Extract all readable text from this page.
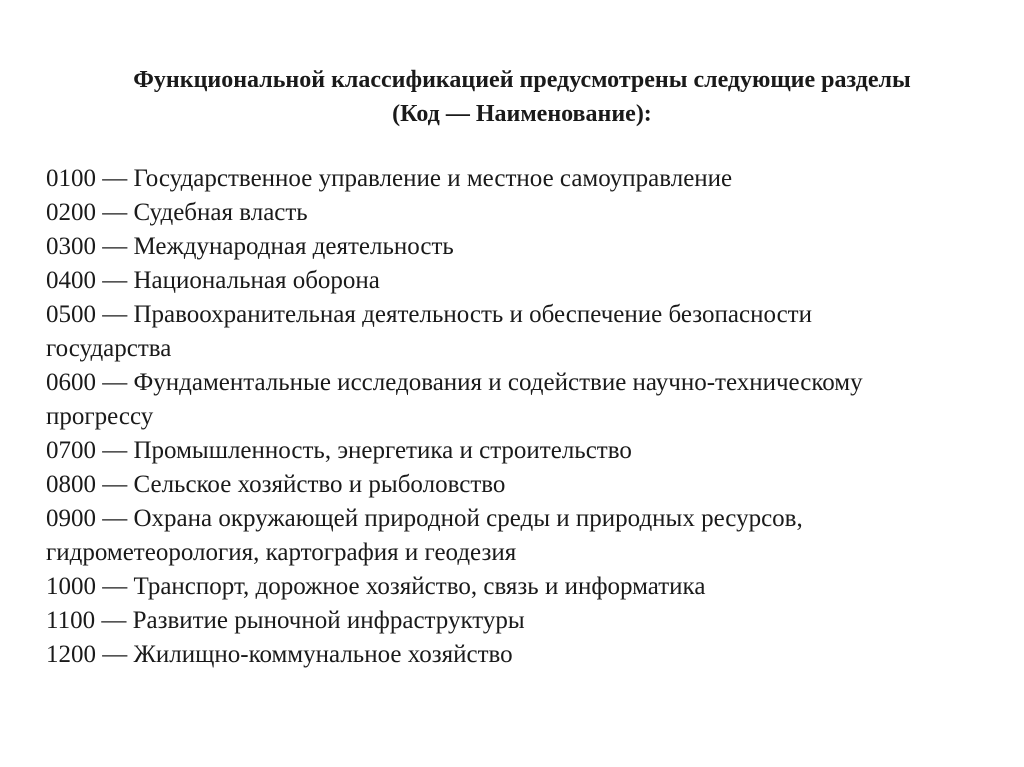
Функциональной классификацией предусмотрены следующие разделы
(Код — Наименование):
0100 — Государственное управление и местное самоуправление
0200 — Судебная власть
0300 — Международная деятельность
0400 — Национальная оборона
0500 — Правоохранительная деятельность и обеспечение безопасности
государства
0600 — Фундаментальные исследования и содействие научно-техническому
прогрессу
0700 — Промышленность, энергетика и строительство
0800 — Сельское хозяйство и рыболовство
0900 — Охрана окружающей природной среды и природных ресурсов,
гидрометеорология, картография и геодезия
1000 — Транспорт, дорожное хозяйство, связь и информатика
1100 — Развитие рыночной инфраструктуры
1200 — Жилищно-коммунальное хозяйство
